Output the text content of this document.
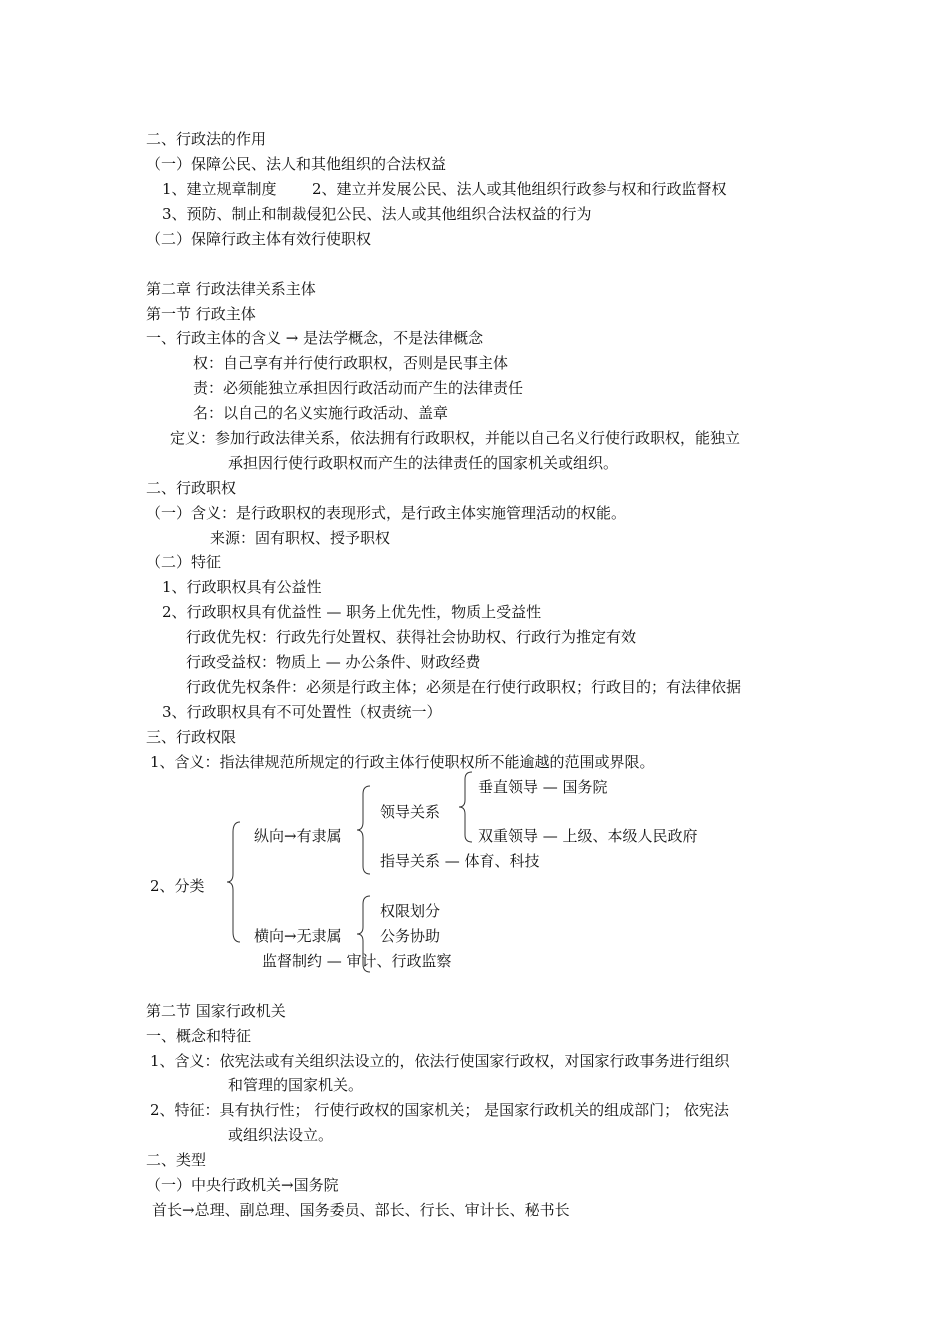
二、行政法的作用
（一）保障公民、法人和其他组织的合法权益
1、建立规章制度 2、建立并发展公民、法人或其他组织行政参与权和行政监督权
3、预防、制止和制裁侵犯公民、法人或其他组织合法权益的行为
（二）保障行政主体有效行使职权
第二章 行政法律关系主体
第一节 行政主体
一、行政主体的含义 → 是法学概念，不是法律概念
权：自己享有并行使行政职权，否则是民事主体
责：必须能独立承担因行政活动而产生的法律责任
名：以自己的名义实施行政活动、盖章
定义：参加行政法律关系，依法拥有行政职权，并能以自己名义行使行政职权，能独立
承担因行使行政职权而产生的法律责任的国家机关或组织。
二、行政职权
（一）含义：是行政职权的表现形式，是行政主体实施管理活动的权能。
来源：固有职权、授予职权
（二）特征
1、行政职权具有公益性
2、行政职权具有优益性 — 职务上优先性，物质上受益性
行政优先权：行政先行处置权、获得社会协助权、行政行为推定有效
行政受益权：物质上 — 办公条件、财政经费
行政优先权条件：必须是行政主体；必须是在行使行政职权；行政目的；有法律依据
3、行政职权具有不可处置性（权责统一）
三、行政权限
1、含义：指法律规范所规定的行政主体行使职权所不能逾越的范围或界限。
垂直领导 — 国务院
领导关系
纵向→有隶属	双重领导 — 上级、本级人民政府
指导关系 — 体育、科技
2、分类
权限划分
横向→无隶属	公务协助
监督制约 — 审计、行政监察
第二节 国家行政机关
一、概念和特征
1、含义：依宪法或有关组织法设立的，依法行使国家行政权，对国家行政事务进行组织
和管理的国家机关。
2、特征：具有执行性； 行使行政权的国家机关； 是国家行政机关的组成部门； 依宪法
或组织法设立。
二、类型
（一）中央行政机关→国务院
首长→总理、副总理、国务委员、部长、行长、审计长、秘书长
